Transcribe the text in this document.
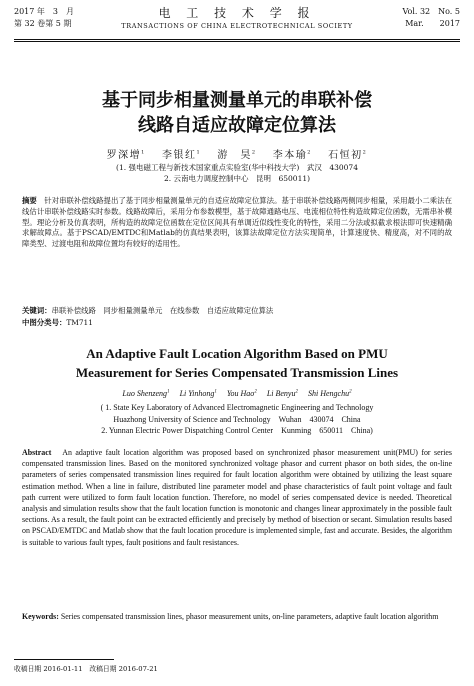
2017 年　3　月
第 32 卷第 5 期
电 工 技 术 学 报
TRANSACTIONS OF CHINA ELECTROTECHNICAL SOCIETY
Vol. 32　No. 5
Mar.　　2017
基于同步相量测量单元的串联补偿
线路自适应故障定位算法
罗深增$^1$　 李银红$^1$　 游　昊$^2$　 李本瑜$^2$　 石恒初$^2$
(1. 强电磁工程与新技术国家重点实验室(华中科技大学)　武汉　430074
2. 云南电力调度控制中心　昆明　650011)
摘要　 针对串联补偿线路提出了基于同步相量测量单元的自适应故障定位算法。基于串联补偿线路两侧同步相量，采用最小二乘法在线估计串联补偿线路实时参数。线路故障后，采用分布参数模型，基于故障通路电压、电流相位特性构造故障定位函数，无需串补模型。理论分析及仿真表明，所构造的故障定位函数在定位区间具有单调近似线性变化的特性，采用二分法或拟截求根法即可快速精确求解故障点。基于PSCAD/EMTDC和Matlab的仿真结果表明，该算法故障定位方法实现简单，计算速度快、精度高，对不同的故障类型、过渡电阻和故障位置均有较好的适用性。
关键词：串联补偿线路　同步相量测量单元　在线参数　自适应故障定位算法
中图分类号：TM711
An Adaptive Fault Location Algorithm Based on PMU
Measurement for Series Compensated Transmission Lines
Luo Shenzeng$^1$　 Li Yinhong$^1$　 You Hao$^2$　 Li Benyu$^2$　 Shi Hengchu$^2$
( 1. State Key Laboratory of Advanced Electromagnetic Engineering and Technology
Huazhong University of Science and Technology　Wuhan　430074　China
2. Yunnan Electric Power Dispatching Control Center　Kunming　650011　China)
Abstract　 An adaptive fault location algorithm was proposed based on synchronized phasor measurement unit(PMU) for series compensated transmission lines. Based on the monitored synchronized voltage phasor and current phasor on both sides, the on-line parameters of series compensated transmission lines required for fault location algorithm were obtained by utilizing the least square estimation method. When a line in failure, distributed line parameter model and phase characteristics of fault point voltage and fault path current were utilized to form fault location function. Therefore, no model of series compensated device is needed. Theoretical analysis and simulation results show that the fault location function is monotonic and changes linear approximately in the possible fault sections. As a result, the fault point can be extracted efficiently and precisely by method of bisection or secant. Simulation results based on PSCAD/EMTDC and Matlab show that the fault location procedure is implemented simple, fast and accurate. Besides, the algorithm is suitable to various fault types, fault positions and fault resistances.
Keywords: Series compensated transmission lines, phasor measurement units, on-line parameters, adaptive fault location algorithm
收稿日期 2016-01-11　改稿日期 2016-07-21
